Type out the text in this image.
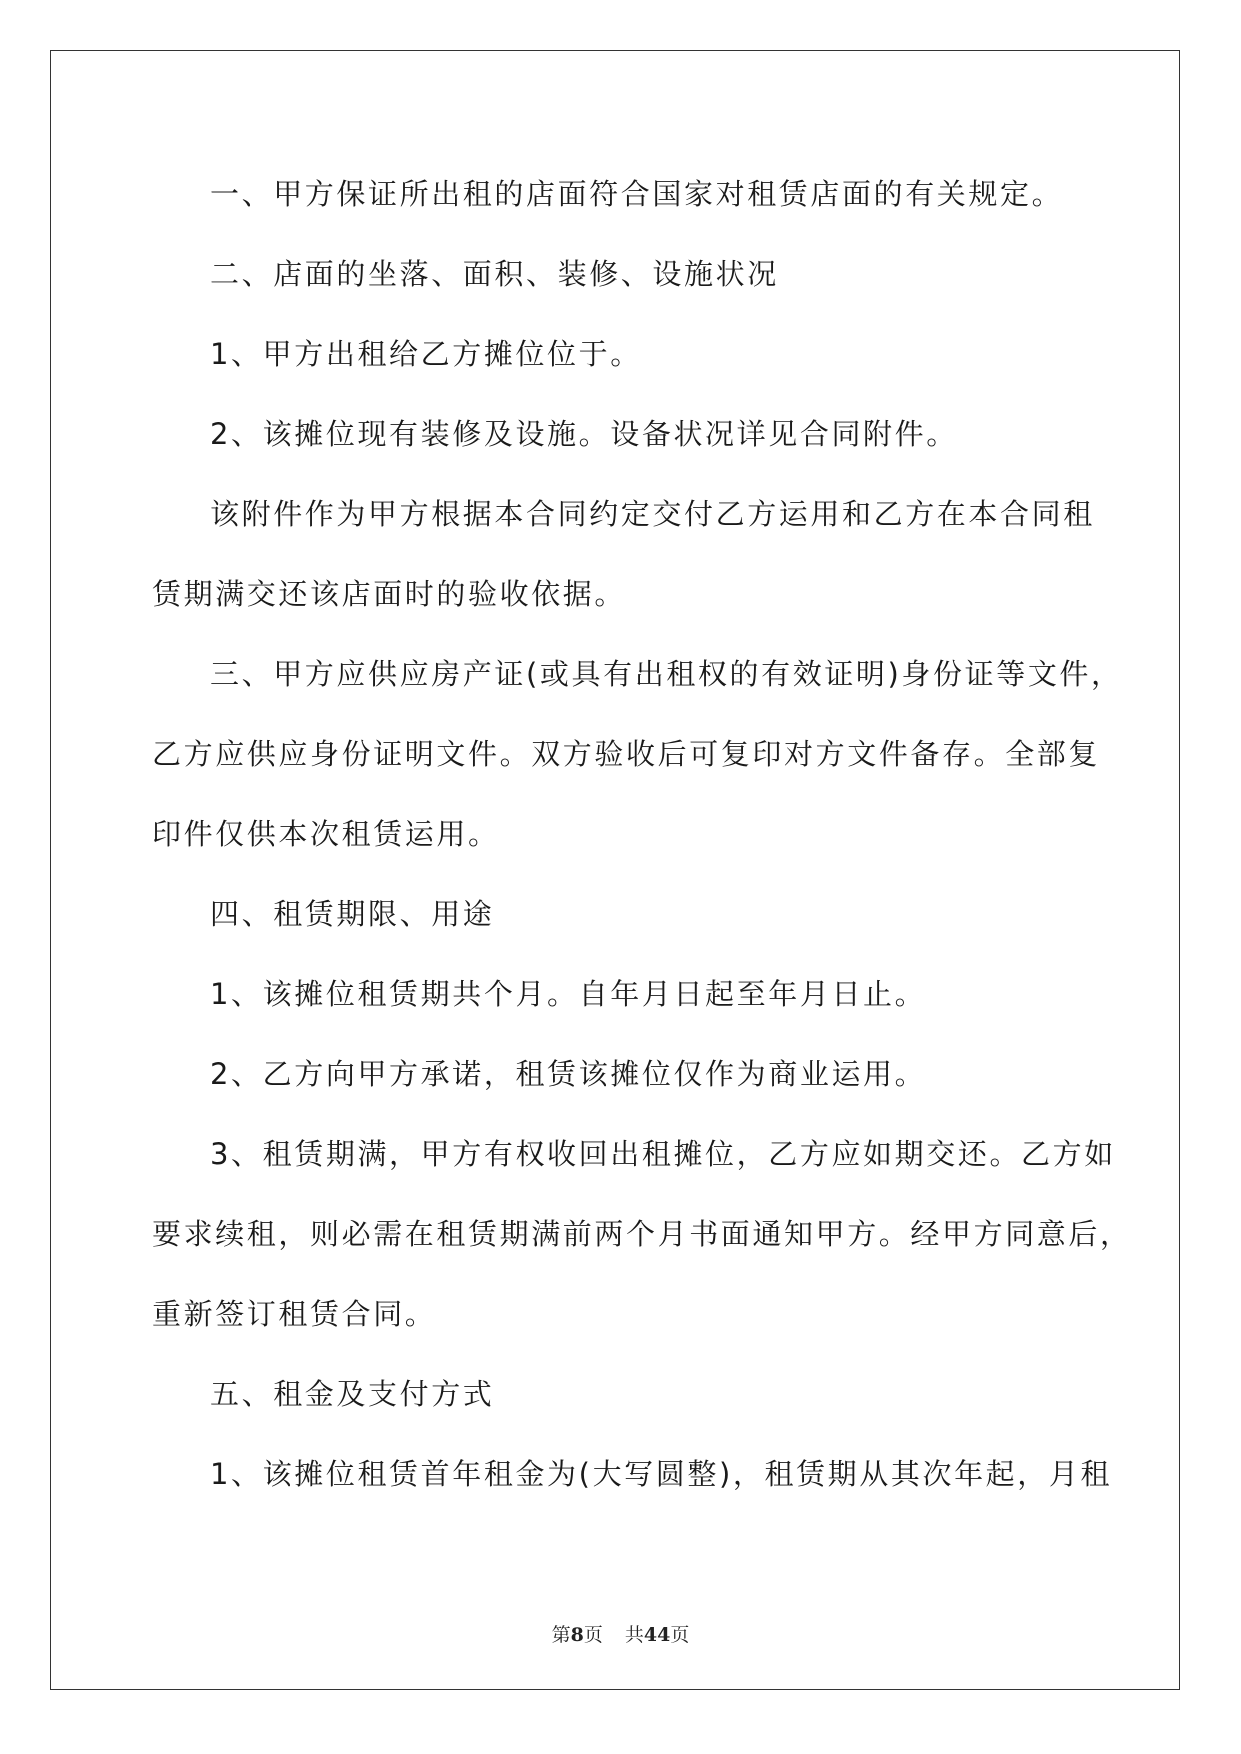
一、甲方保证所出租的店面符合国家对租赁店面的有关规定。

二、店面的坐落、面积、装修、设施状况

1、甲方出租给乙方摊位位于。

2、该摊位现有装修及设施。设备状况详见合同附件。

该附件作为甲方根据本合同约定交付乙方运用和乙方在本合同租

赁期满交还该店面时的验收依据。

三、甲方应供应房产证(或具有出租权的有效证明)身份证等文件，

乙方应供应身份证明文件。双方验收后可复印对方文件备存。全部复

印件仅供本次租赁运用。

四、租赁期限、用途

1、该摊位租赁期共个月。自年月日起至年月日止。

2、乙方向甲方承诺，租赁该摊位仅作为商业运用。

3、租赁期满，甲方有权收回出租摊位，乙方应如期交还。乙方如

要求续租，则必需在租赁期满前两个月书面通知甲方。经甲方同意后，

重新签订租赁合同。

五、租金及支付方式

1、该摊位租赁首年租金为(大写圆整)，租赁期从其次年起，月租

第8页 共44页
